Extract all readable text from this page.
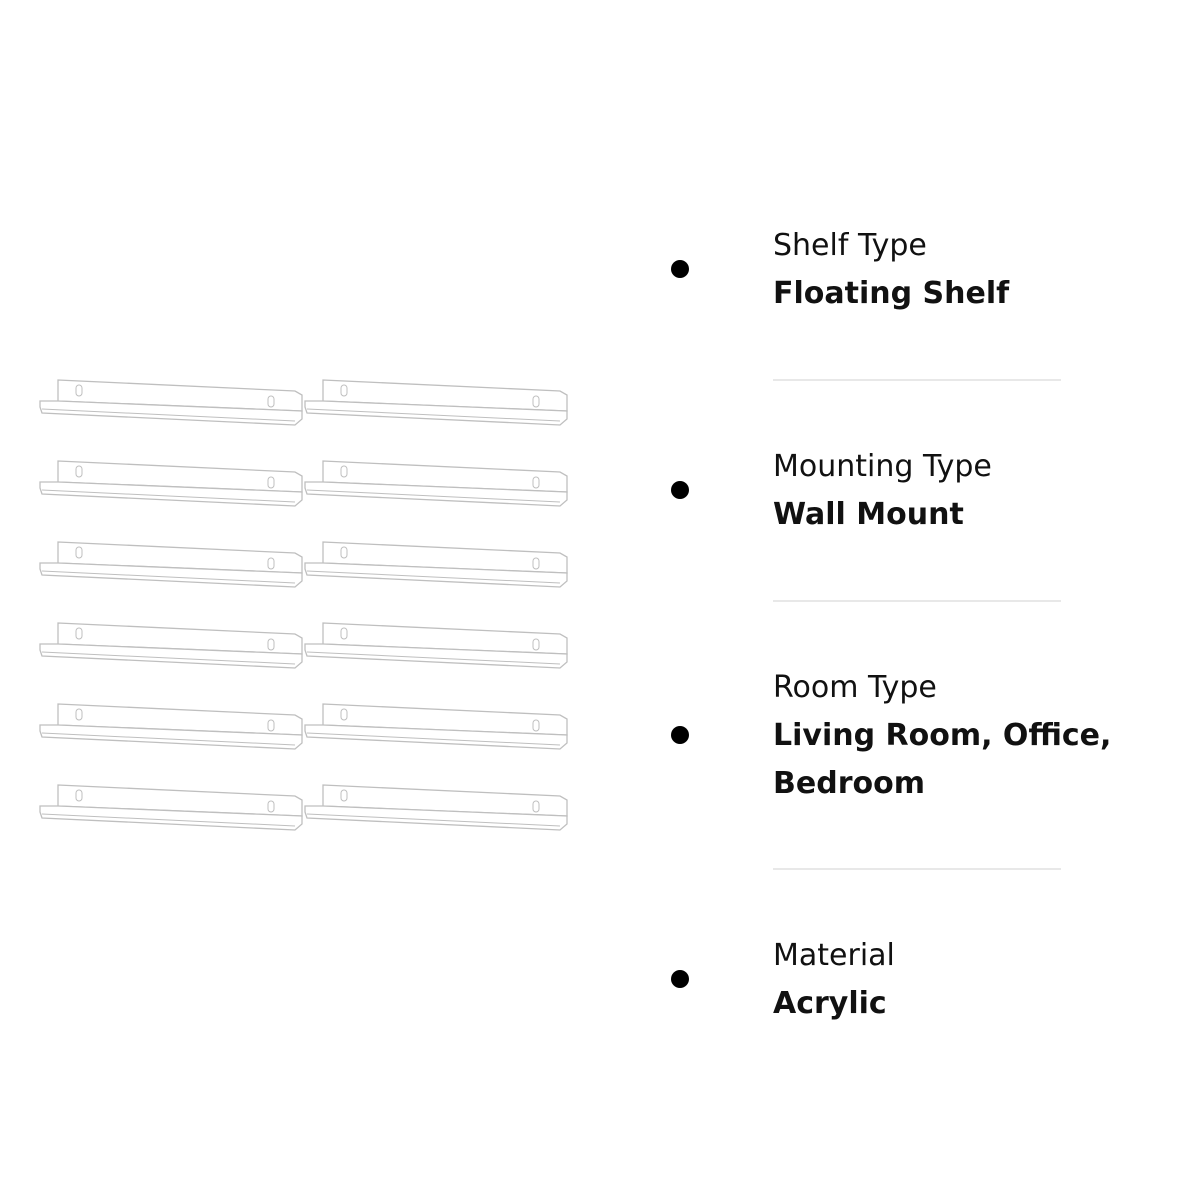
Shelf Type
Floating Shelf
Mounting Type
Wall Mount
Room Type
Living Room, Office,
Bedroom
Material
Acrylic
